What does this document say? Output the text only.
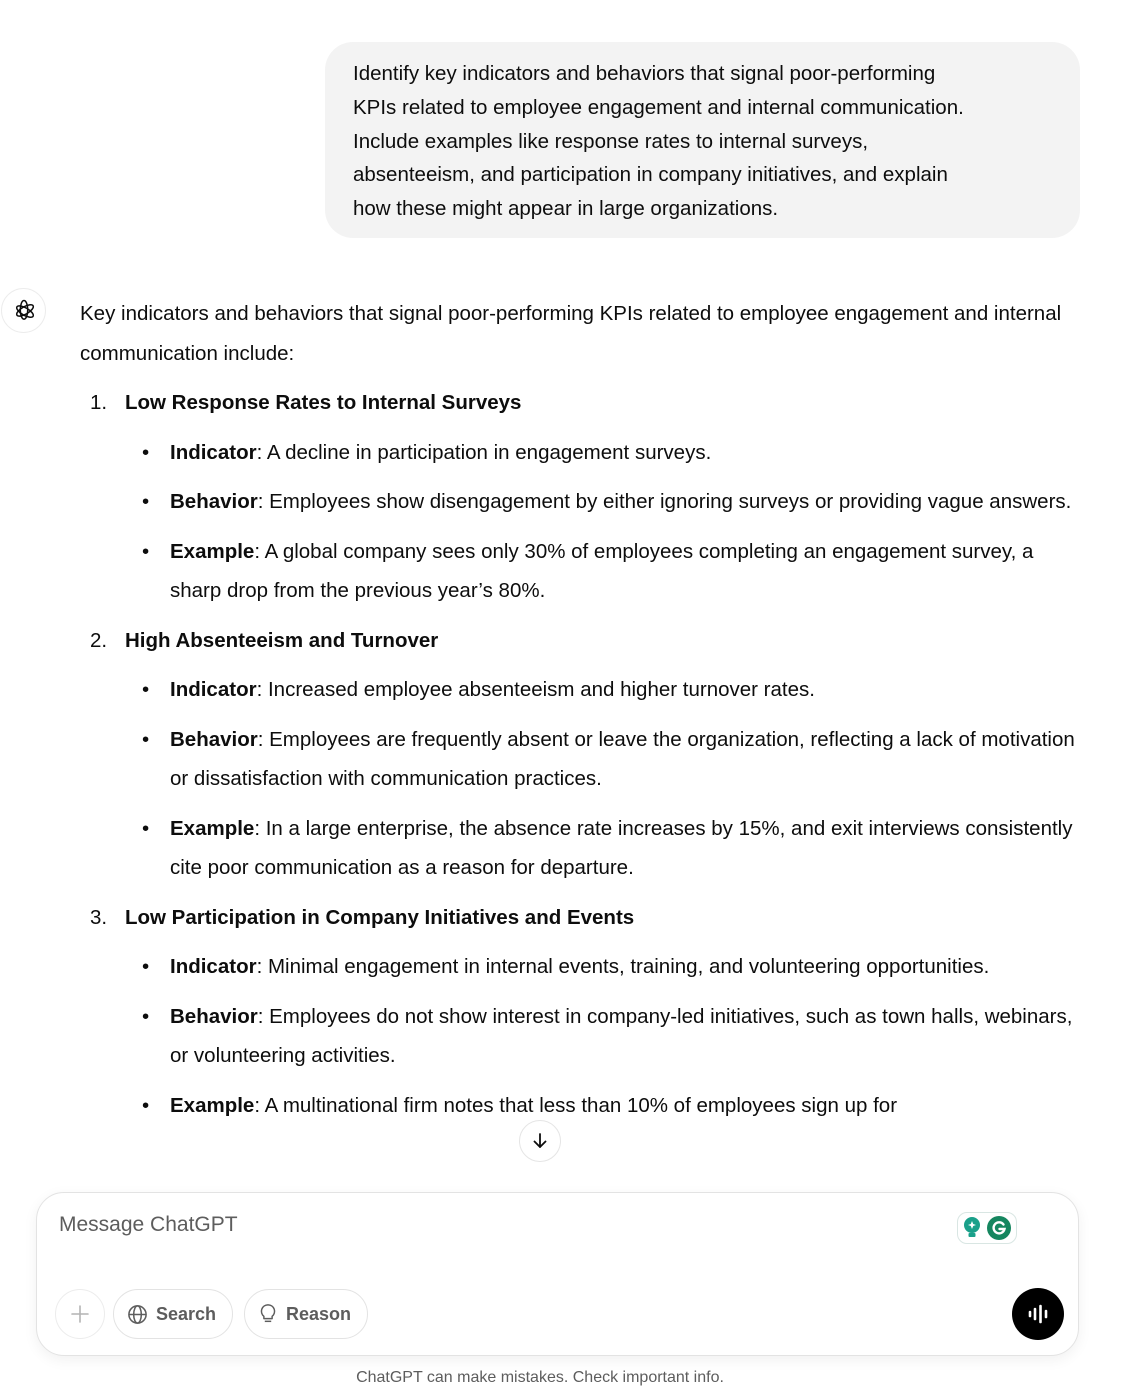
Identify key indicators and behaviors that signal poor-performing
KPIs related to employee engagement and internal communication.
Include examples like response rates to internal surveys,
absenteeism, and participation in company initiatives, and explain
how these might appear in large organizations.

Key indicators and behaviors that signal poor-performing KPIs related to employee engagement and internal communication include:

1. Low Response Rates to Internal Surveys
• Indicator: A decline in participation in engagement surveys.
• Behavior: Employees show disengagement by either ignoring surveys or providing vague answers.
• Example: A global company sees only 30% of employees completing an engagement survey, a sharp drop from the previous year’s 80%.
2. High Absenteeism and Turnover
• Indicator: Increased employee absenteeism and higher turnover rates.
• Behavior: Employees are frequently absent or leave the organization, reflecting a lack of motivation or dissatisfaction with communication practices.
• Example: In a large enterprise, the absence rate increases by 15%, and exit interviews consistently cite poor communication as a reason for departure.
3. Low Participation in Company Initiatives and Events
• Indicator: Minimal engagement in internal events, training, and volunteering opportunities.
• Behavior: Employees do not show interest in company-led initiatives, such as town halls, webinars, or volunteering activities.
• Example: A multinational firm notes that less than 10% of employees sign up for
Message ChatGPT
Search	Reason
ChatGPT can make mistakes. Check important info.
